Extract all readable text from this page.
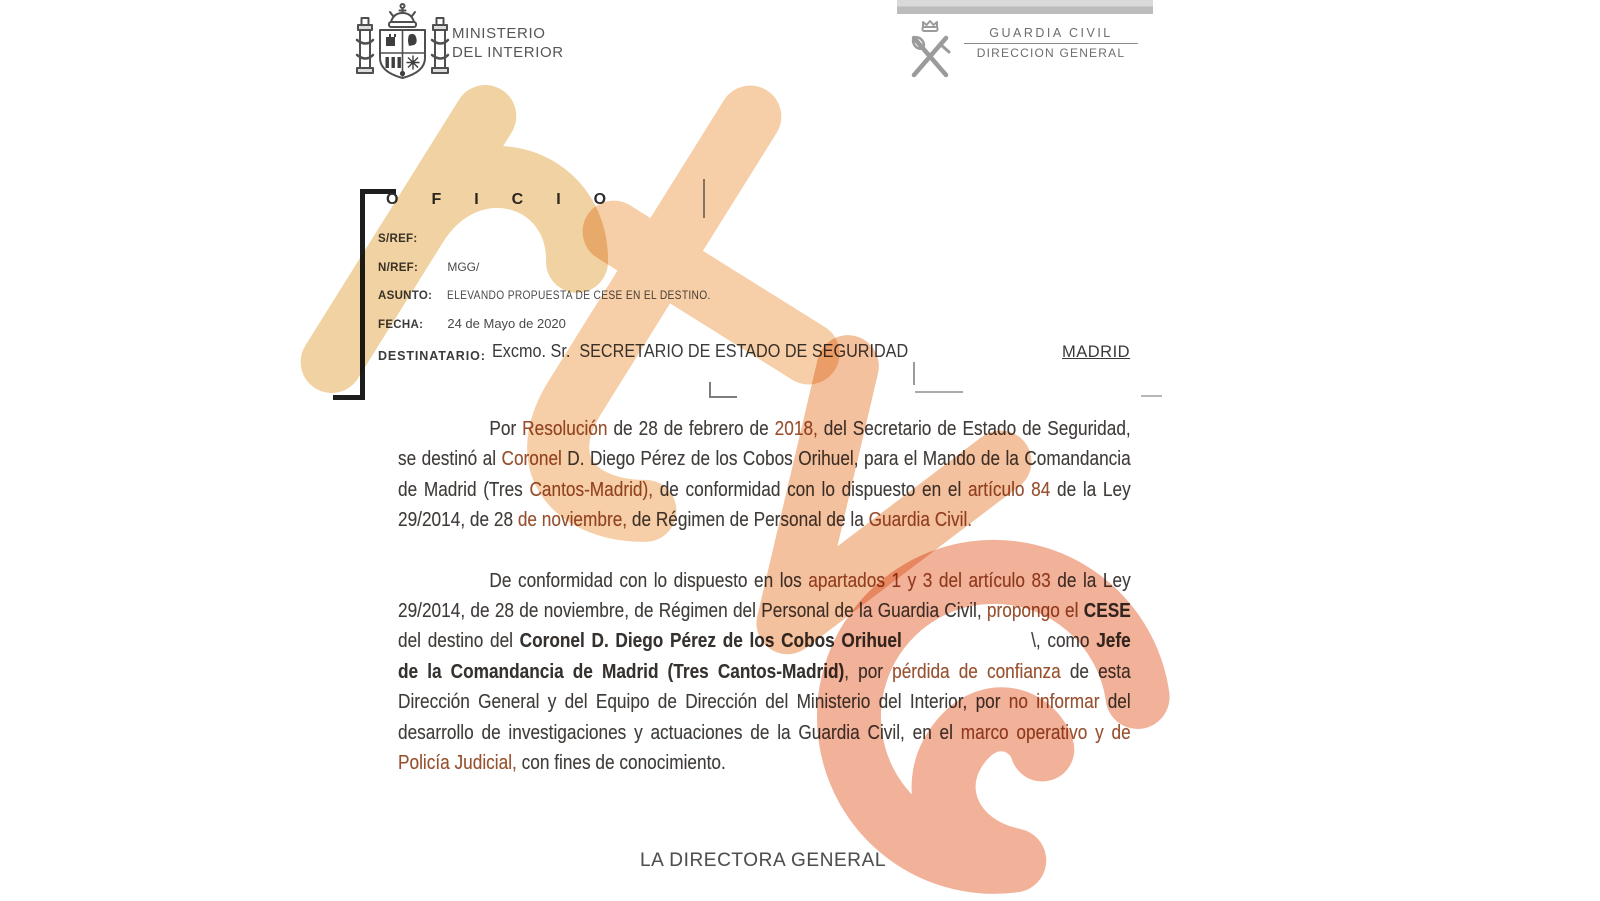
MINISTERIO
DEL INTERIOR
GUARDIA CIVIL
DIRECCION GENERAL
OFICIO
S/REF:
N/REF: MGG/
ASUNTO: ELEVANDO PROPUESTA DE CESE EN EL DESTINO.
FECHA: 24 de Mayo de 2020
DESTINATARIO: Excmo. Sr.  SECRETARIO DE ESTADO DE SEGURIDAD	MADRID

Por Resolución de 28 de febrero de 2018, del Secretario de Estado de Seguridad, se destinó al Coronel D. Diego Pérez de los Cobos Orihuel, para el Mando de la Comandancia de Madrid (Tres Cantos-Madrid), de conformidad con lo dispuesto en el artículo 84 de la Ley 29/2014, de 28 de noviembre, de Régimen de Personal de la Guardia Civil.

De conformidad con lo dispuesto en los apartados 1 y 3 del artículo 83 de la Ley 29/2014, de 28 de noviembre, de Régimen del Personal de la Guardia Civil, propongo el CESE del destino del Coronel D. Diego Pérez de los Cobos Orihuel	\, como Jefe de la Comandancia de Madrid (Tres Cantos-Madrid), por pérdida de confianza de esta Dirección General y del Equipo de Dirección del Ministerio del Interior, por no informar del desarrollo de investigaciones y actuaciones de la Guardia Civil, en el marco operativo y de Policía Judicial, con fines de conocimiento.

LA DIRECTORA GENERAL
